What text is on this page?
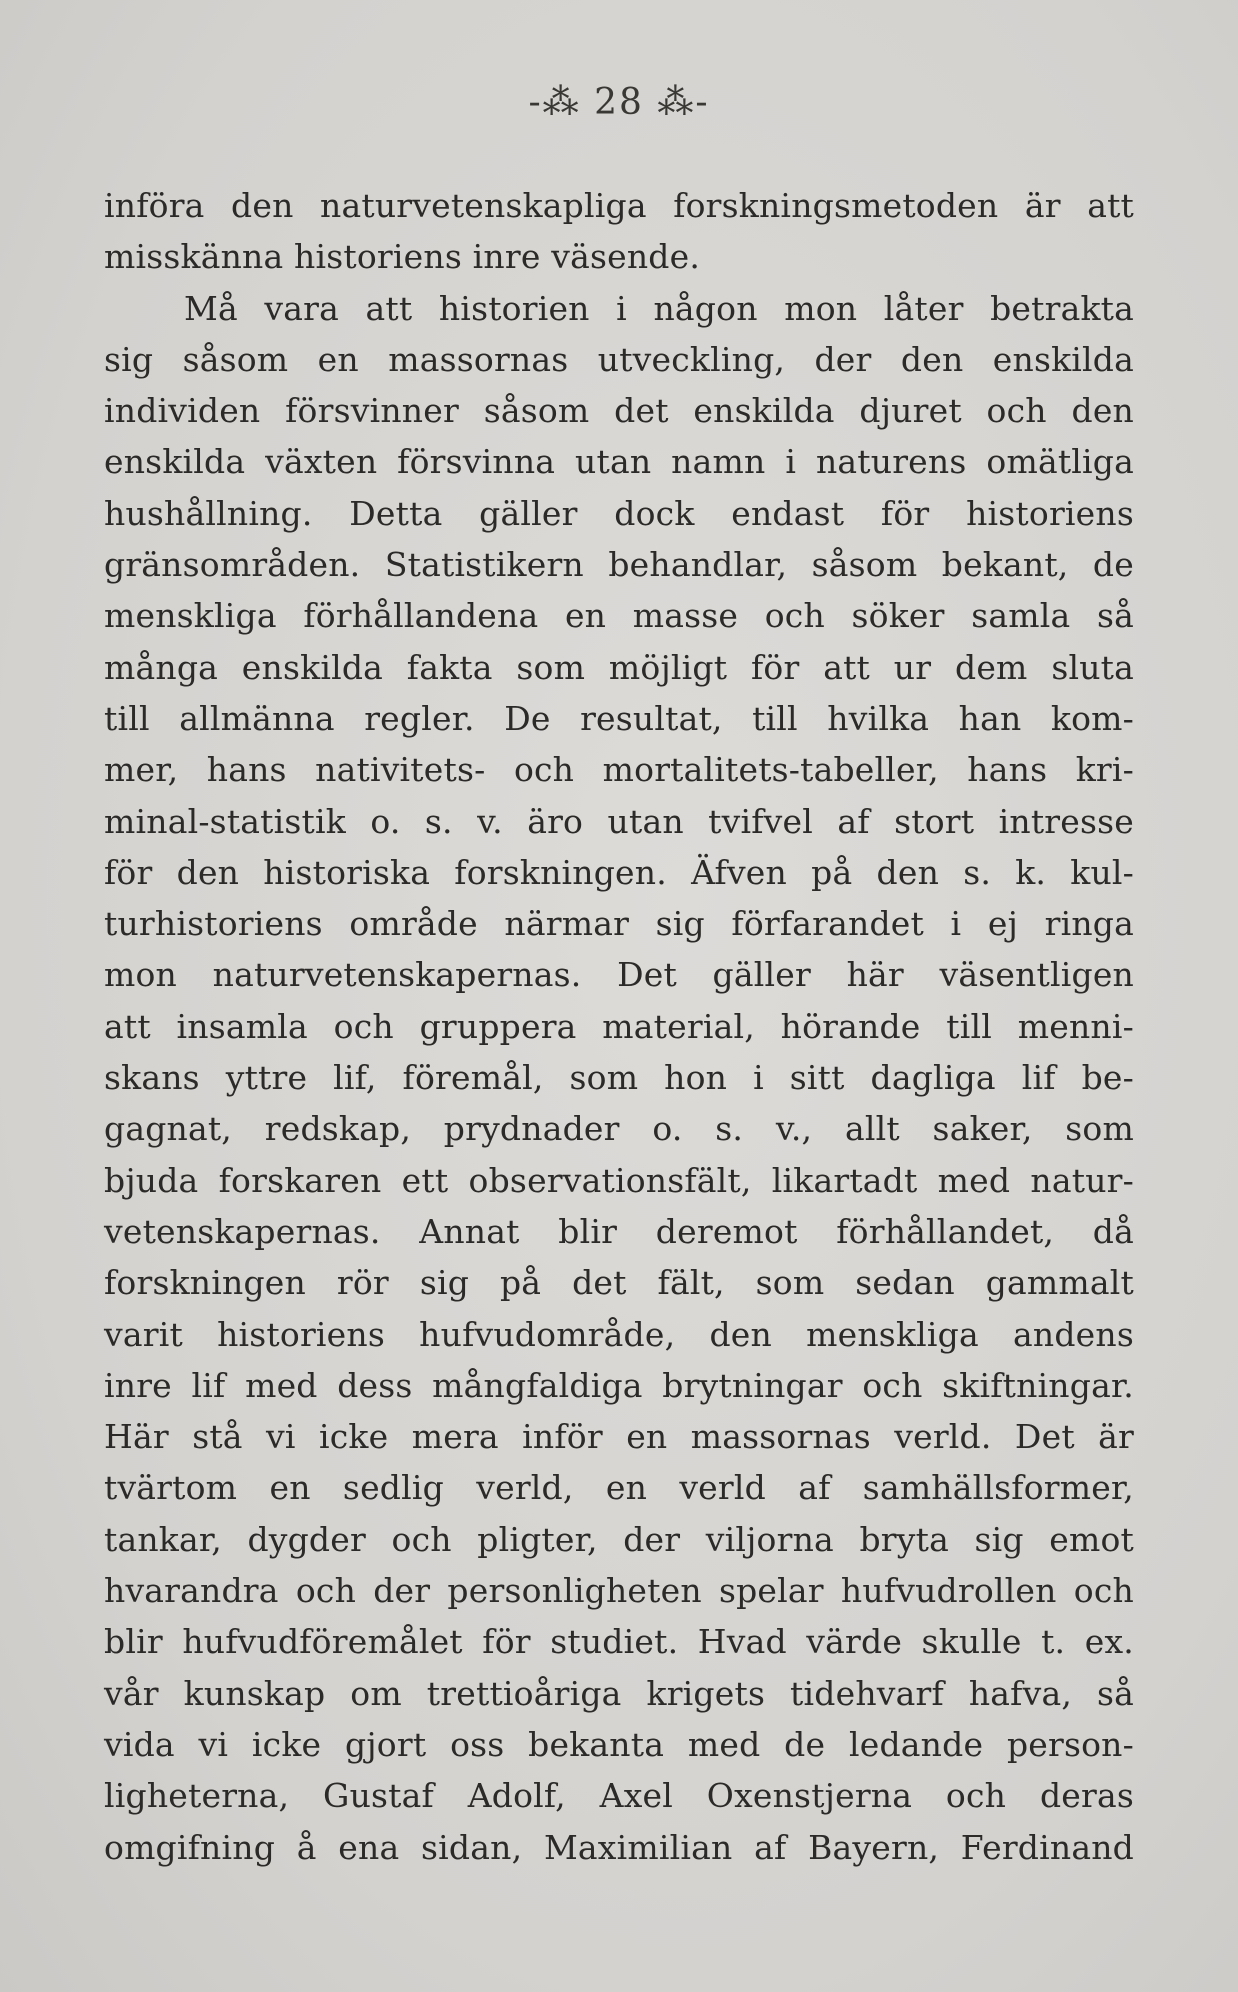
-⁂ 28 ⁂-
införa den naturvetenskapliga forskningsmetoden är att
misskänna historiens inre väsende.
Må vara att historien i någon mon låter betrakta
sig såsom en massornas utveckling, der den enskilda
individen försvinner såsom det enskilda djuret och den
enskilda växten försvinna utan namn i naturens omätliga
hushållning. Detta gäller dock endast för historiens
gränsområden. Statistikern behandlar, såsom bekant, de
menskliga förhållandena en masse och söker samla så
många enskilda fakta som möjligt för att ur dem sluta
till allmänna regler. De resultat, till hvilka han kom-
mer, hans nativitets- och mortalitets-tabeller, hans kri-
minal-statistik o. s. v. äro utan tvifvel af stort intresse
för den historiska forskningen. Äfven på den s. k. kul-
turhistoriens område närmar sig förfarandet i ej ringa
mon naturvetenskapernas. Det gäller här väsentligen
att insamla och gruppera material, hörande till menni-
skans yttre lif, föremål, som hon i sitt dagliga lif be-
gagnat, redskap, prydnader o. s. v., allt saker, som
bjuda forskaren ett observationsfält, likartadt med natur-
vetenskapernas. Annat blir deremot förhållandet, då
forskningen rör sig på det fält, som sedan gammalt
varit historiens hufvudområde, den menskliga andens
inre lif med dess mångfaldiga brytningar och skiftningar.
Här stå vi icke mera inför en massornas verld. Det är
tvärtom en sedlig verld, en verld af samhällsformer,
tankar, dygder och pligter, der viljorna bryta sig emot
hvarandra och der personligheten spelar hufvudrollen och
blir hufvudföremålet för studiet. Hvad värde skulle t. ex.
vår kunskap om trettioåriga krigets tidehvarf hafva, så
vida vi icke gjort oss bekanta med de ledande person-
ligheterna, Gustaf Adolf, Axel Oxenstjerna och deras
omgifning å ena sidan, Maximilian af Bayern, Ferdinand
